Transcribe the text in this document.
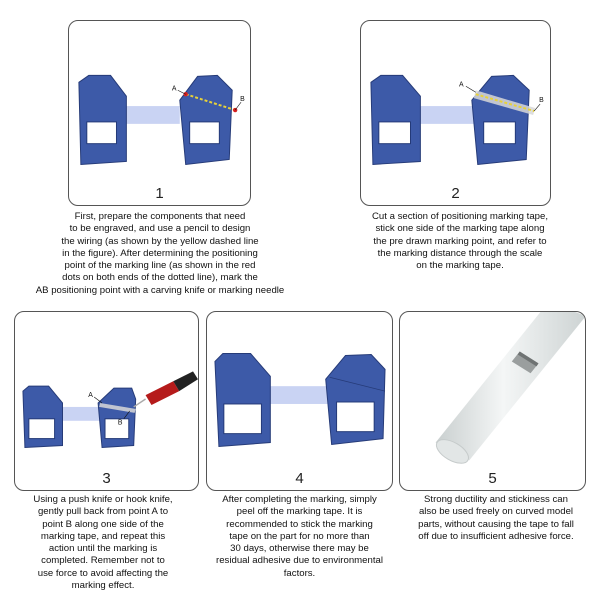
A
B
1
A
B
2
First, prepare the components that need
to be engraved, and use a pencil to design
the wiring (as shown by the yellow dashed line
in the figure). After determining the positioning
point of the marking line (as shown in the red
dots on both ends of the dotted line), mark the
AB positioning point with a carving knife or marking needle
Cut a section of positioning marking tape,
stick one side of the marking tape along
the pre drawn marking point, and refer to
the marking distance through the scale
on the marking tape.
A
B
3	4	5
Using a push knife or hook knife,
gently pull back from point A to
point B along one side of the
marking tape, and repeat this
action until the marking is
completed. Remember not to
use force to avoid affecting the
marking effect.
After completing the marking, simply
peel off the marking tape. It is
recommended to stick the marking
tape on the part for no more than
30 days, otherwise there may be
residual adhesive due to environmental
factors.
Strong ductility and stickiness can
also be used freely on curved model
parts, without causing the tape to fall
off due to insufficient adhesive force.
